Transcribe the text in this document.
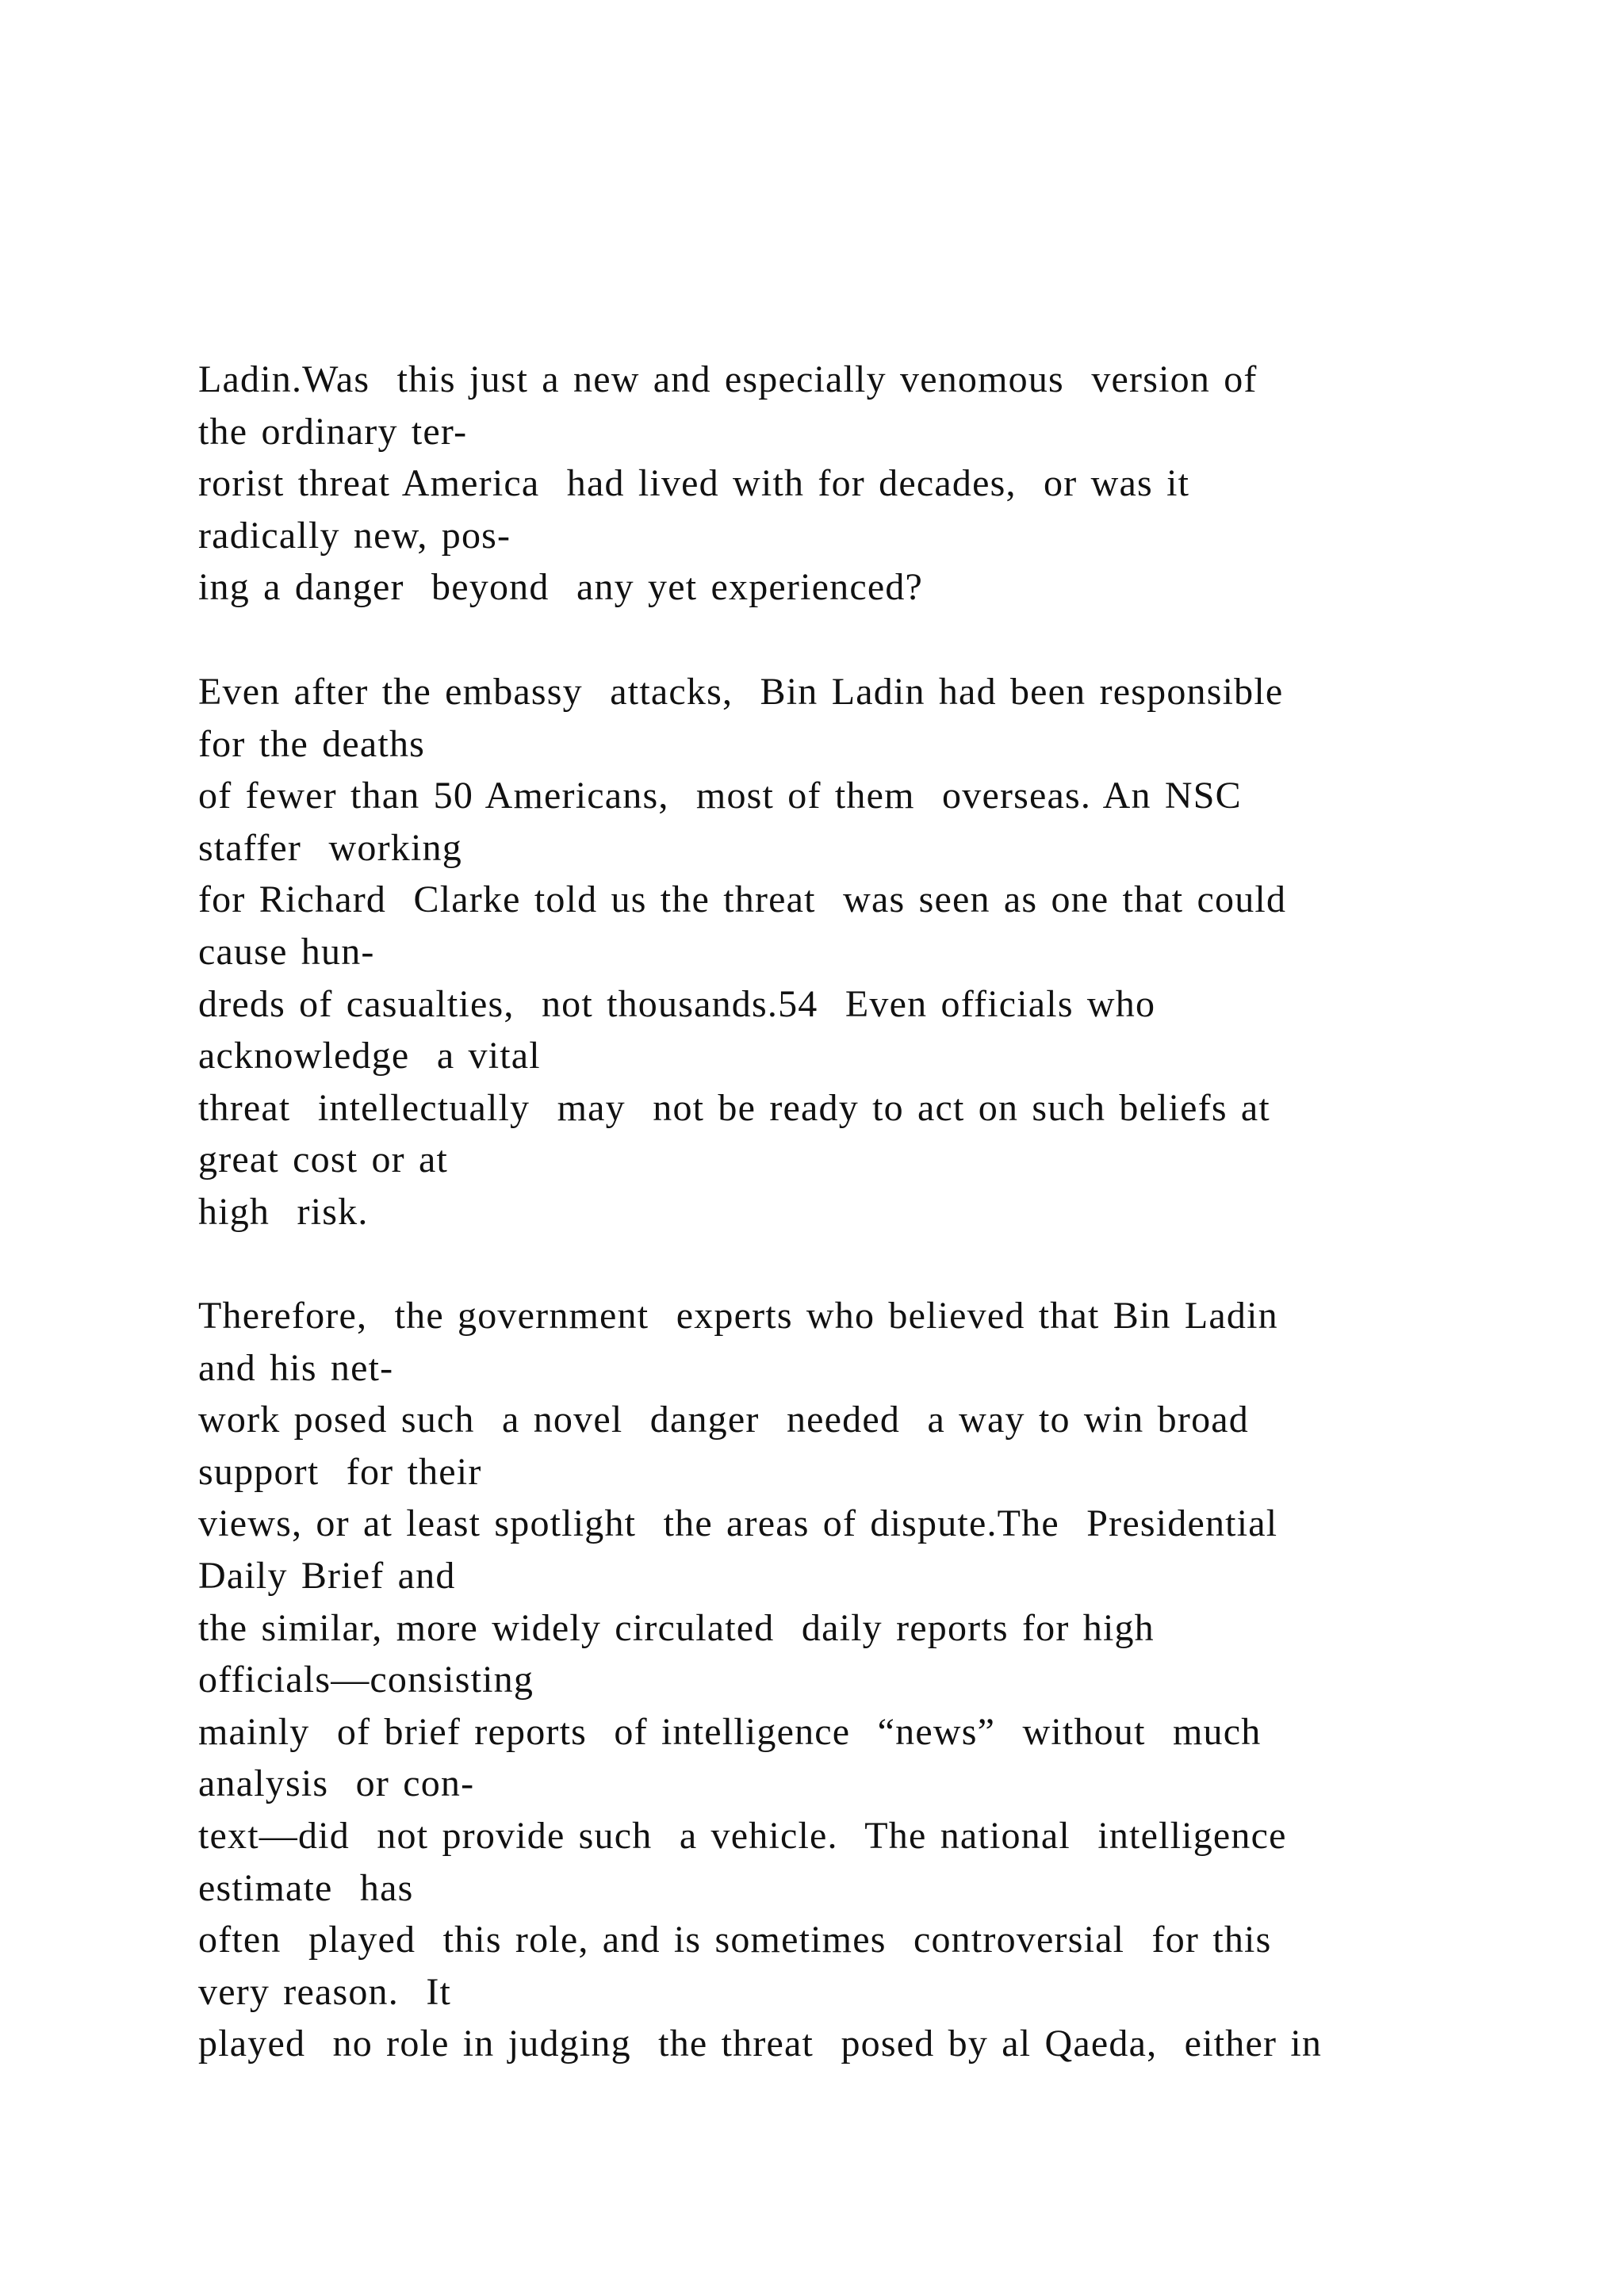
Ladin.Was  this just a new and especially venomous  version of
the ordinary ter-
rorist threat America  had lived with for decades,  or was it
radically new, pos-
ing a danger  beyond  any yet experienced?
Even after the embassy  attacks,  Bin Ladin had been responsible
for the deaths
of fewer than 50 Americans,  most of them  overseas. An NSC
staffer  working
for Richard  Clarke told us the threat  was seen as one that could
cause hun-
dreds of casualties,  not thousands.54  Even officials who
acknowledge  a vital
threat  intellectually  may  not be ready to act on such beliefs at
great cost or at
high  risk.
Therefore,  the government  experts who believed that Bin Ladin
and his net-
work posed such  a novel  danger  needed  a way to win broad
support  for their
views, or at least spotlight  the areas of dispute.The  Presidential
Daily Brief and
the similar, more widely circulated  daily reports for high
officials—consisting
mainly  of brief reports  of intelligence  “news”  without  much
analysis  or con-
text—did  not provide such  a vehicle.  The national  intelligence
estimate  has
often  played  this role, and is sometimes  controversial  for this
very reason.  It
played  no role in judging  the threat  posed by al Qaeda,  either in
